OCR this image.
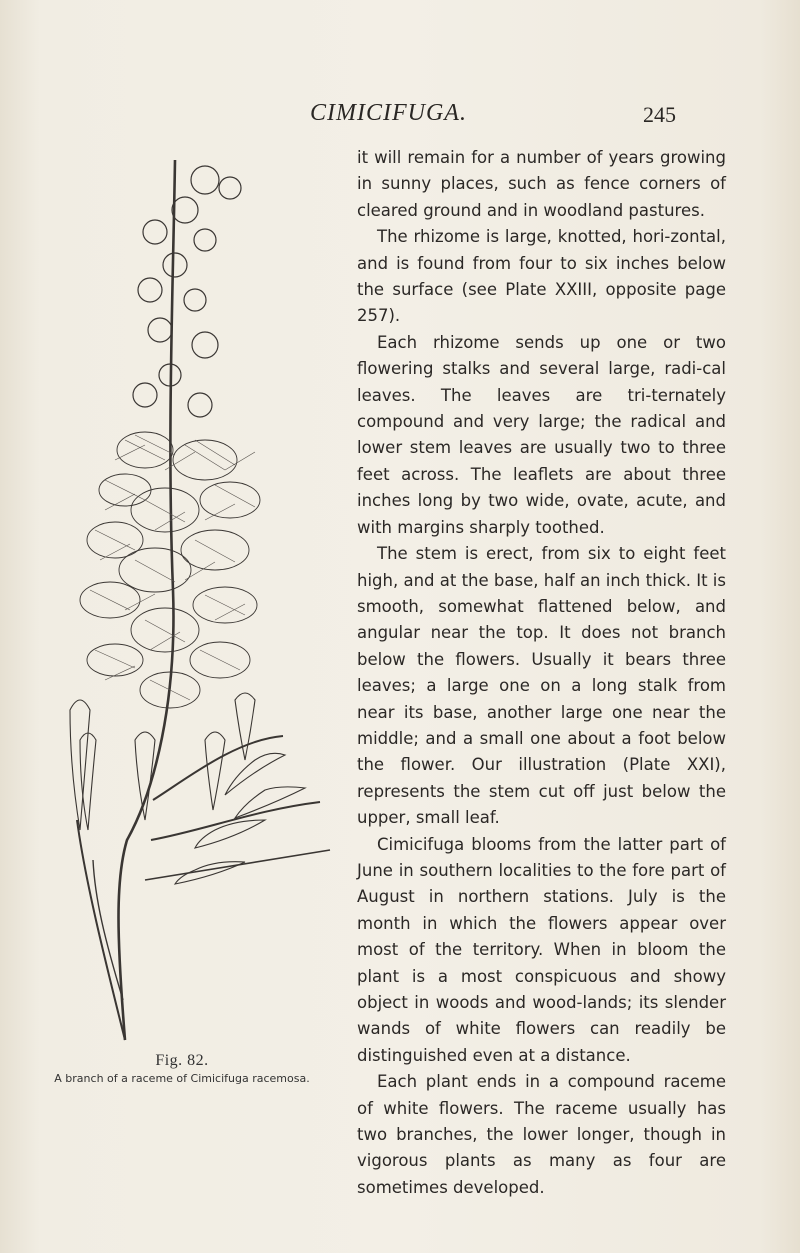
CIMICIFUGA.	245
Fig. 82.
A branch of a raceme of Cimicifuga racemosa.

it will remain for a number of years growing in sunny places, such as fence corners of cleared ground and in woodland pastures.

The rhizome is large, knotted, hori-zontal, and is found from four to six inches below the surface (see Plate XXIII, opposite page 257).

Each rhizome sends up one or two flowering stalks and several large, radi-cal leaves. The leaves are tri-ternately compound and very large; the radical and lower stem leaves are usually two to three feet across. The leaflets are about three inches long by two wide, ovate, acute, and with margins sharply toothed.

The stem is erect, from six to eight feet high, and at the base, half an inch thick. It is smooth, somewhat flattened below, and angular near the top. It does not branch below the flowers. Usually it bears three leaves; a large one on a long stalk from near its base, another large one near the middle; and a small one about a foot below the flower. Our illustration (Plate XXI), represents the stem cut off just below the upper, small leaf.

Cimicifuga blooms from the latter part of June in southern localities to the fore part of August in northern stations. July is the month in which the flowers appear over most of the territory. When in bloom the plant is a most conspicuous and showy object in woods and wood-lands; its slender wands of white flowers can readily be distinguished even at a distance.

Each plant ends in a compound raceme of white flowers. The raceme usually has two branches, the lower longer, though in vigorous plants as many as four are sometimes developed.
